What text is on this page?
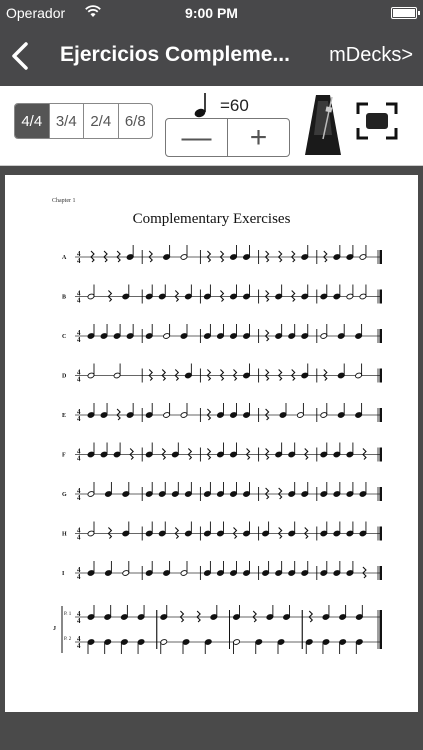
Operador	9:00 PM
Ejercicios Compleme...	mDecks>
4/4 3/4 2/4 6/8
=60
—	+
Chapter 1
Complementary Exercises
A 4
4
B 4
4
C 4
4
D 4
4
E 4
4
F 4
4
G 4
4
H 4
4
I 4
4
J
P. 1 4
4
P. 2 4
4
